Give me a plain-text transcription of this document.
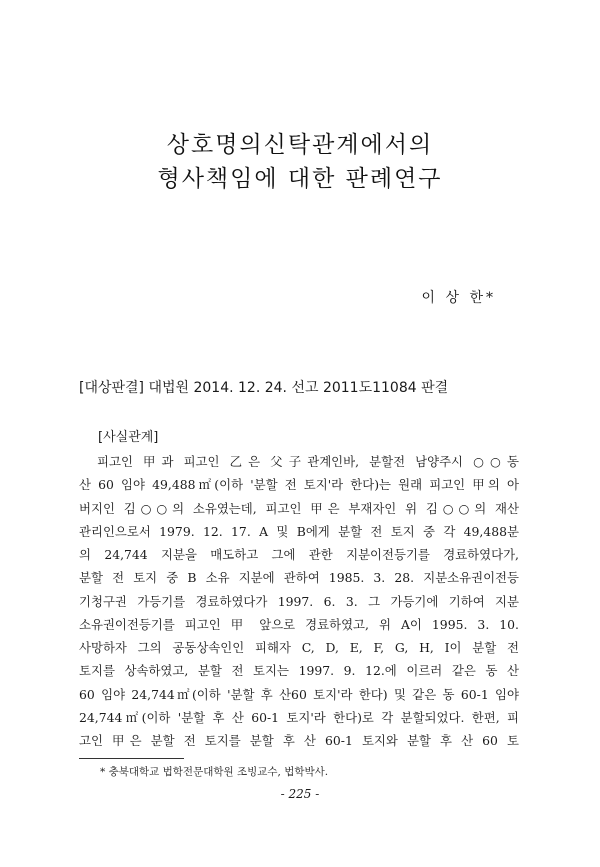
상호명의신탁관계에서의
형사책임에 대한 판례연구
이 상 한*
[대상판결] 대법원 2014. 12. 24. 선고 2011도11084 판결
[사실관계]
피고인 甲과 피고인 乙은 父子관계인바, 분할전 남양주시 ○○동
산 60 임야 49,488㎡(이하 '분할 전 토지'라 한다)는 원래 피고인 甲의 아
버지인 김○○의 소유였는데, 피고인 甲은 부재자인 위 김○○의 재산
관리인으로서 1979. 12. 17. A 및 B에게 분할 전 토지 중 각 49,488분
의 24,744 지분을 매도하고 그에 관한 지분이전등기를 경료하였다가,
분할 전 토지 중 B 소유 지분에 관하여 1985. 3. 28. 지분소유권이전등
기청구권 가등기를 경료하였다가 1997. 6. 3. 그 가등기에 기하여 지분
소유권이전등기를 피고인 甲 앞으로 경료하였고, 위 A이 1995. 3. 10.
사망하자 그의 공동상속인인 피해자 C, D, E, F, G, H, I이 분할 전
토지를 상속하였고, 분할 전 토지는 1997. 9. 12.에 이르러 같은 동 산
60 임야 24,744㎡(이하 '분할 후 산60 토지'라 한다) 및 같은 동 60-1 임야
24,744㎡(이하 '분할 후 산 60-1 토지'라 한다)로 각 분할되었다. 한편, 피
고인 甲은 분할 전 토지를 분할 후 산 60-1 토지와 분할 후 산 60 토
* 충북대학교 법학전문대학원 조빙교수, 법학박사.
- 225 -
